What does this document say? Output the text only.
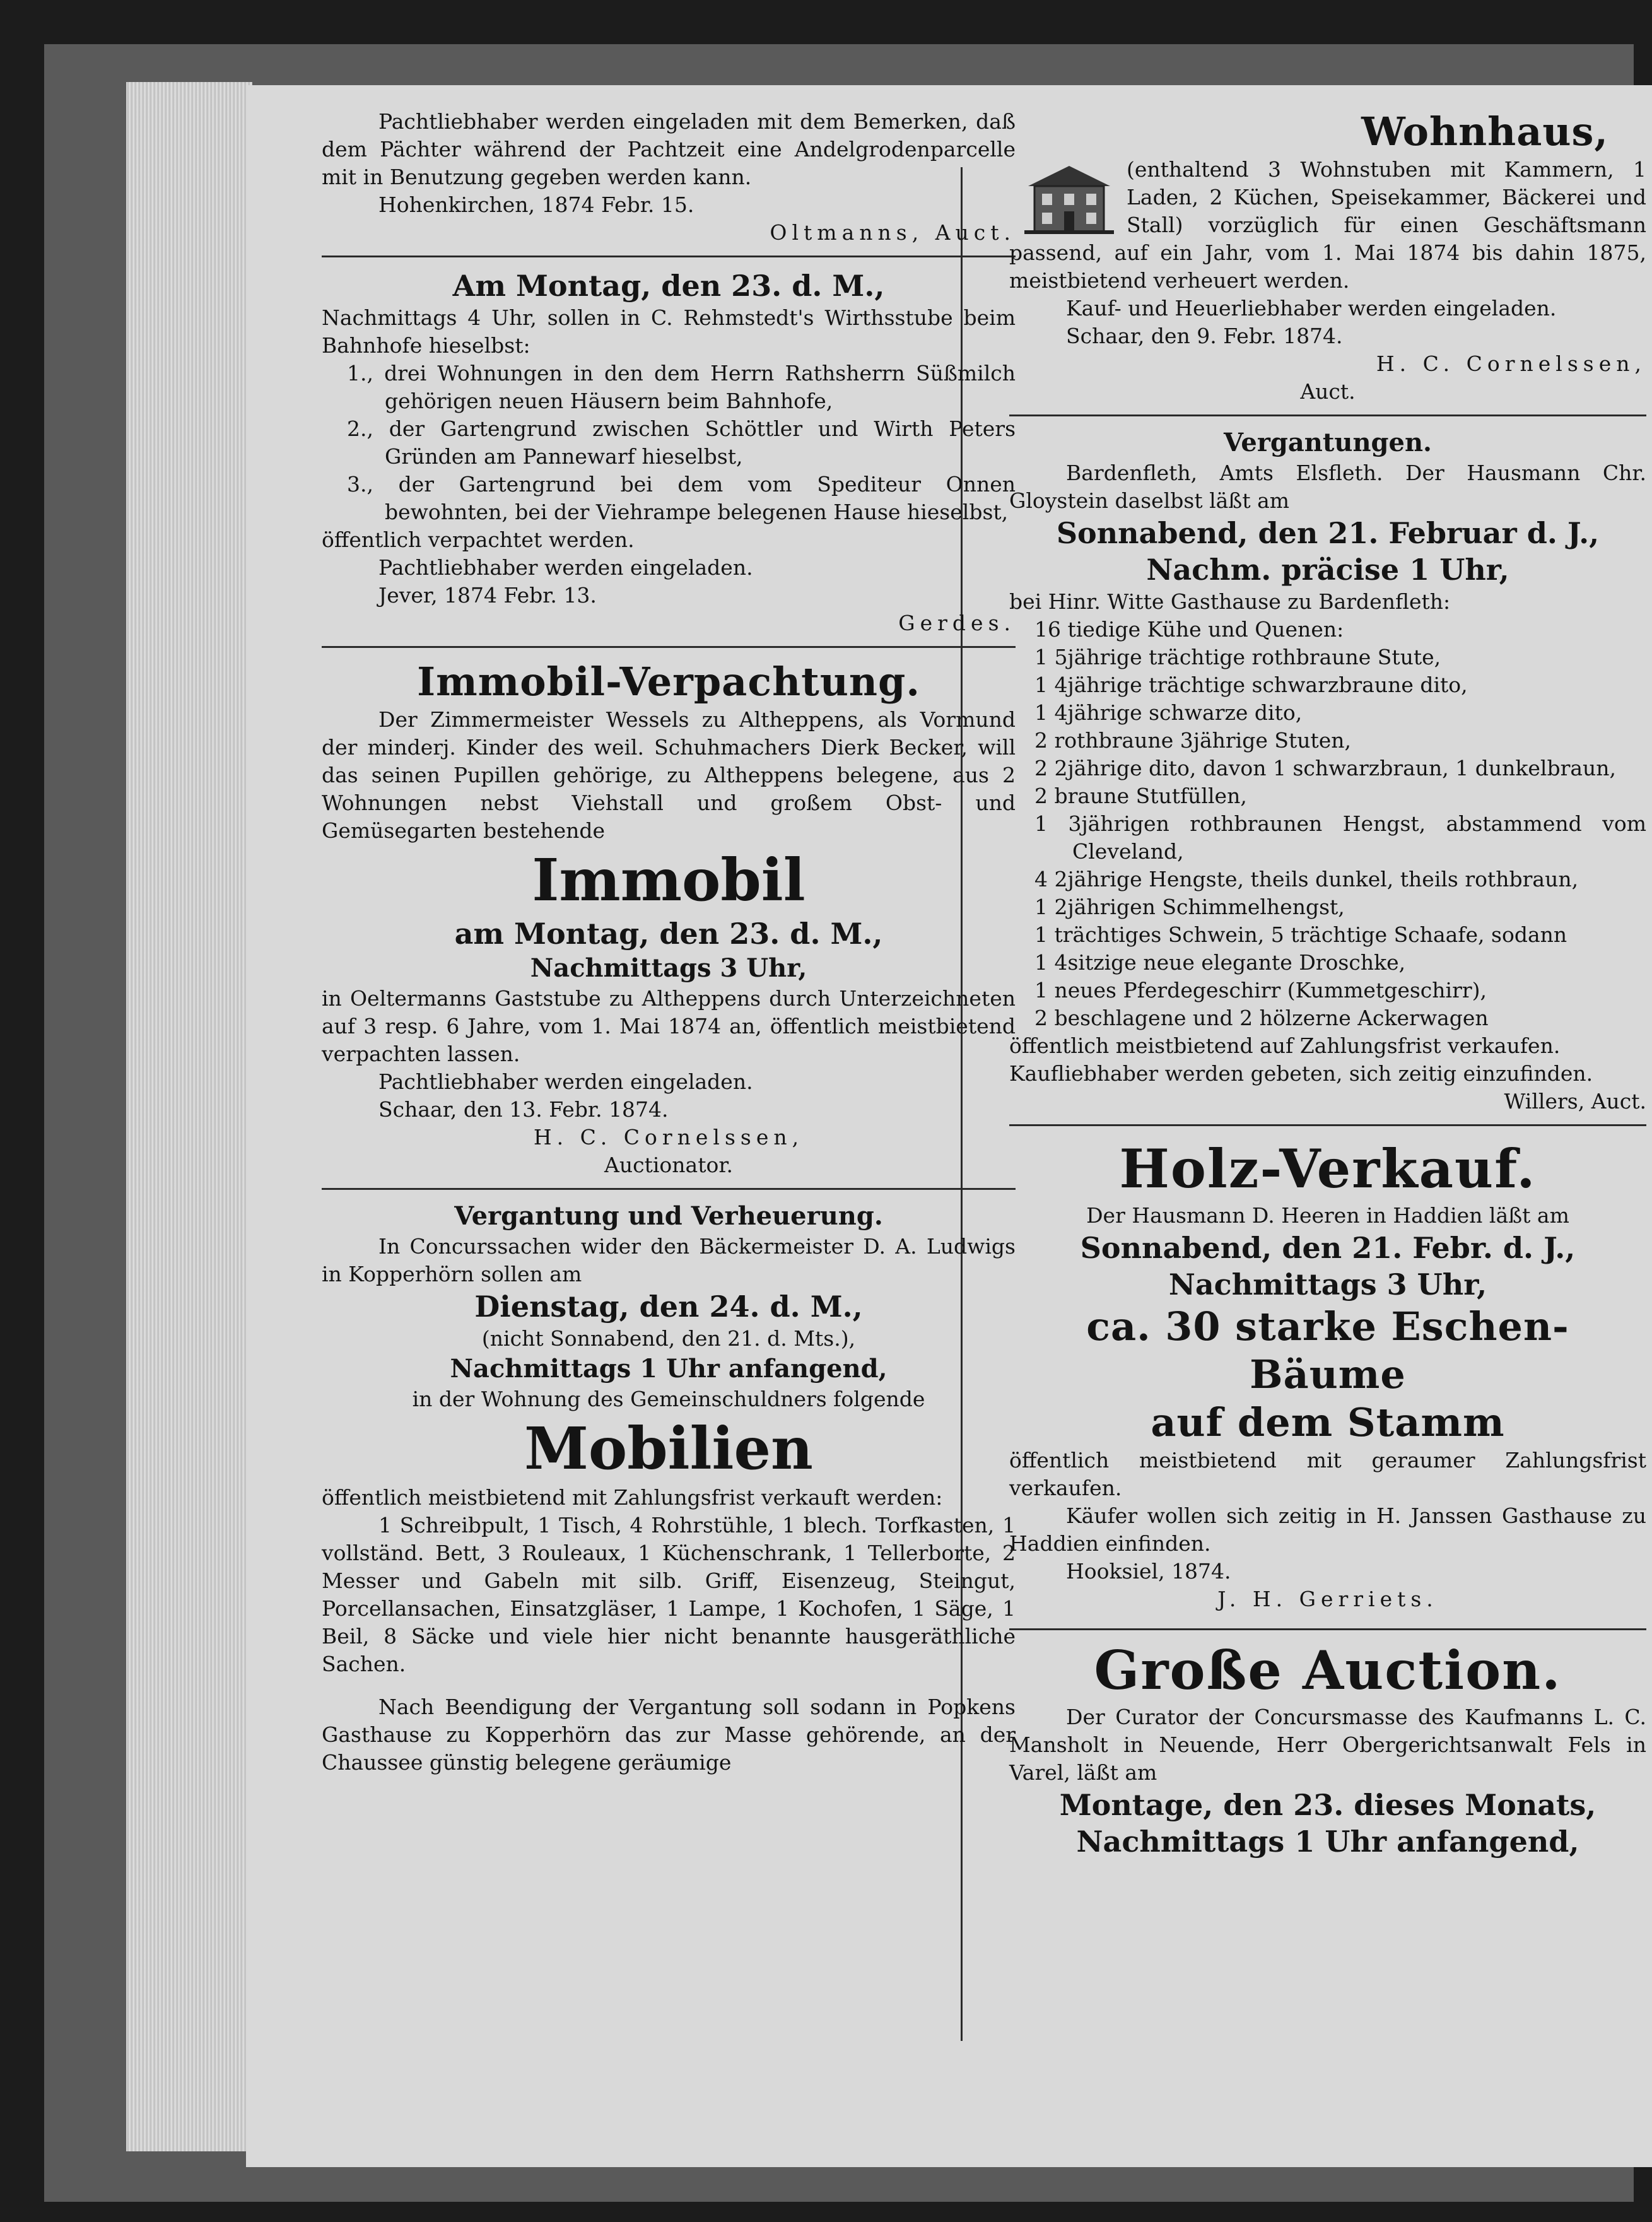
Pachtliebhaber werden eingeladen mit dem Bemerken, daß dem Pächter während der Pachtzeit eine Andelgrodenparcelle mit in Benutzung gegeben werden kann.

Hohenkirchen, 1874 Febr. 15.

Oltmanns, Auct.

Am Montag, den 23. d. M.,

Nachmittags 4 Uhr, sollen in C. Rehmstedt's Wirthsstube beim Bahnhofe hieselbst:

1., drei Wohnungen in den dem Herrn Rathsherrn Süßmilch gehörigen neuen Häusern beim Bahnhofe,

2., der Gartengrund zwischen Schöttler und Wirth Peters Gründen am Pannewarf hieselbst,

3., der Gartengrund bei dem vom Spediteur Onnen bewohnten, bei der Viehrampe belegenen Hause hieselbst,

öffentlich verpachtet werden.

Pachtliebhaber werden eingeladen.

Jever, 1874 Febr. 13.

Gerdes.

Immobil-Verpachtung.

Der Zimmermeister Wessels zu Altheppens, als Vormund der minderj. Kinder des weil. Schuhmachers Dierk Becker, will das seinen Pupillen gehörige, zu Altheppens belegene, aus 2 Wohnungen nebst Viehstall und großem Obst- und Gemüsegarten bestehende

Immobil
am Montag, den 23. d. M.,
Nachmittags 3 Uhr,

in Oeltermanns Gaststube zu Altheppens durch Unterzeichneten auf 3 resp. 6 Jahre, vom 1. Mai 1874 an, öffentlich meistbietend verpachten lassen.

Pachtliebhaber werden eingeladen.

Schaar, den 13. Febr. 1874.

H. C. Cornelssen,

Auctionator.

Vergantung und Verheuerung.

In Concurssachen wider den Bäckermeister D. A. Ludwigs in Kopperhörn sollen am

Dienstag, den 24. d. M.,

(nicht Sonnabend, den 21. d. Mts.),

Nachmittags 1 Uhr anfangend,

in der Wohnung des Gemeinschuldners folgende

Mobilien

öffentlich meistbietend mit Zahlungsfrist verkauft werden:

1 Schreibpult, 1 Tisch, 4 Rohrstühle, 1 blech. Torfkasten, 1 vollständ. Bett, 3 Rouleaux, 1 Küchenschrank, 1 Tellerborte, 2 Messer und Gabeln mit silb. Griff, Eisenzeug, Steingut, Porcellansachen, Einsatzgläser, 1 Lampe, 1 Kochofen, 1 Säge, 1 Beil, 8 Säcke und viele hier nicht benannte hausgeräthliche Sachen.

Nach Beendigung der Vergantung soll sodann in Popkens Gasthause zu Kopperhörn das zur Masse gehörende, an der Chaussee günstig belegene geräumige

Wohnhaus,

(enthaltend 3 Wohnstuben mit Kammern, 1 Laden, 2 Küchen, Speisekammer, Bäckerei und Stall) vorzüglich für einen Geschäftsmann passend, auf ein Jahr, vom 1. Mai 1874 bis dahin 1875, meistbietend verheuert werden.

Kauf- und Heuerliebhaber werden eingeladen.

Schaar, den 9. Febr. 1874.

H. C. Cornelssen,

Auct.

Vergantungen.

Bardenfleth, Amts Elsfleth. Der Hausmann Chr. Gloystein daselbst läßt am

Sonnabend, den 21. Februar d. J.,
Nachm. präcise 1 Uhr,

bei Hinr. Witte Gasthause zu Bardenfleth:

16 tiedige Kühe und Quenen:

1 5jährige trächtige rothbraune Stute,

1 4jährige trächtige schwarzbraune dito,

1 4jährige schwarze dito,

2 rothbraune 3jährige Stuten,

2 2jährige dito, davon 1 schwarzbraun, 1 dunkelbraun,

2 braune Stutfüllen,

1 3jährigen rothbraunen Hengst, abstammend vom Cleveland,

4 2jährige Hengste, theils dunkel, theils rothbraun,

1 2jährigen Schimmelhengst,

1 trächtiges Schwein, 5 trächtige Schaafe, sodann

1 4sitzige neue elegante Droschke,

1 neues Pferdegeschirr (Kummetgeschirr),

2 beschlagene und 2 hölzerne Ackerwagen

öffentlich meistbietend auf Zahlungsfrist verkaufen.

Kaufliebhaber werden gebeten, sich zeitig einzufinden.

Willers, Auct.

Holz-Verkauf.

Der Hausmann D. Heeren in Haddien läßt am

Sonnabend, den 21. Febr. d. J.,
Nachmittags 3 Uhr,
ca. 30 starke Eschen-Bäume
auf dem Stamm

öffentlich meistbietend mit geraumer Zahlungsfrist verkaufen.

Käufer wollen sich zeitig in H. Janssen Gasthause zu Haddien einfinden.

Hooksiel, 1874.

J. H. Gerriets.

Große Auction.

Der Curator der Concursmasse des Kaufmanns L. C. Mansholt in Neuende, Herr Obergerichtsanwalt Fels in Varel, läßt am

Montage, den 23. dieses Monats,
Nachmittags 1 Uhr anfangend,
